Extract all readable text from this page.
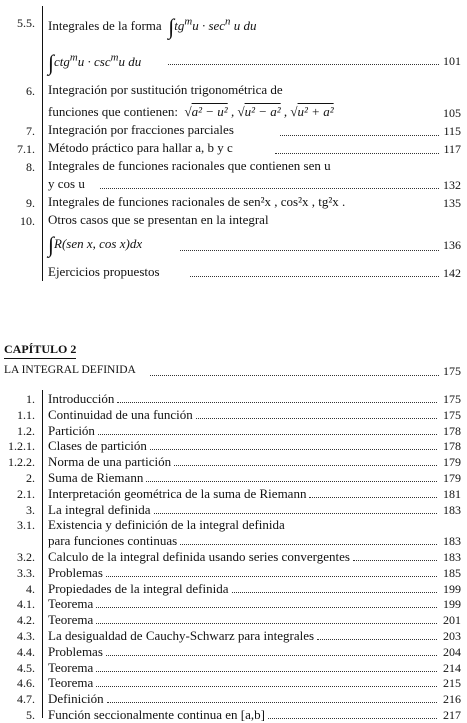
5.5. Integrales de la forma $\int tg^mu \cdot \sec^n u$ du
$\int ctg^mu \cdot \csc^mu$ du	101
6. Integración por sustitución trigonométrica de
funciones que contienen:  √a² − u² , √u² − a² , √u² + a²	105
7. Integración por fracciones parciales	115
7.1. Método práctico para hallar a, b y c	117
8. Integrales de funciones racionales que contienen sen u
y cos u	132
9. Integrales de funciones racionales de sen²x , cos²x , tg²x .	135
10. Otros casos que se presentan en la integral
∫R(sen x, cos x)dx	136
Ejercicios propuestos	142
CAPÍTULO 2
LA INTEGRAL DEFINIDA	175
1. Introducción	175
1.1. Continuidad de una función	175
1.2. Partición	178
1.2.1. Clases de partición	178
1.2.2. Norma de una partición	179
2. Suma de Riemann	179
2.1. Interpretación geométrica de la suma de Riemann	181
3. La integral definida	183
3.1. Existencia y definición de la integral definida
para funciones continuas	183
3.2. Calculo de la integral definida usando series convergentes	183
3.3. Problemas	185
4. Propiedades de la integral definida	199
4.1. Teorema	199
4.2. Teorema	201
4.3. La desigualdad de Cauchy-Schwarz para integrales	203
4.4. Problemas	204
4.5. Teorema	214
4.6. Teorema	215
4.7. Definición	216
5. Función seccionalmente continua en [a,b]	217
